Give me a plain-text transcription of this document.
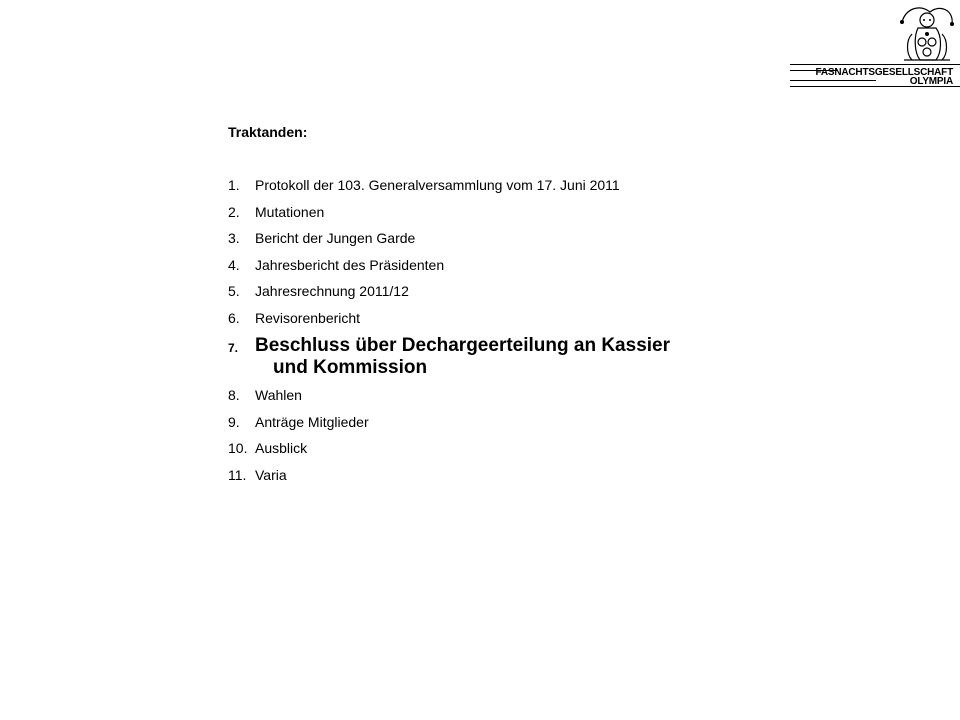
FASNACHTSGESELLSCHAFT
OLYMPIA
Traktanden:
1.	Protokoll der 103. Generalversammlung vom 17. Juni 2011
2.	Mutationen
3.	Bericht der Jungen Garde
4.	Jahresbericht des Präsidenten
5.	Jahresrechnung 2011/12
6.	Revisorenbericht
7. Beschluss über Dechargeerteilung an Kassier
und Kommission
8.	Wahlen
9.	Anträge Mitglieder
10. Ausblick
11. Varia
